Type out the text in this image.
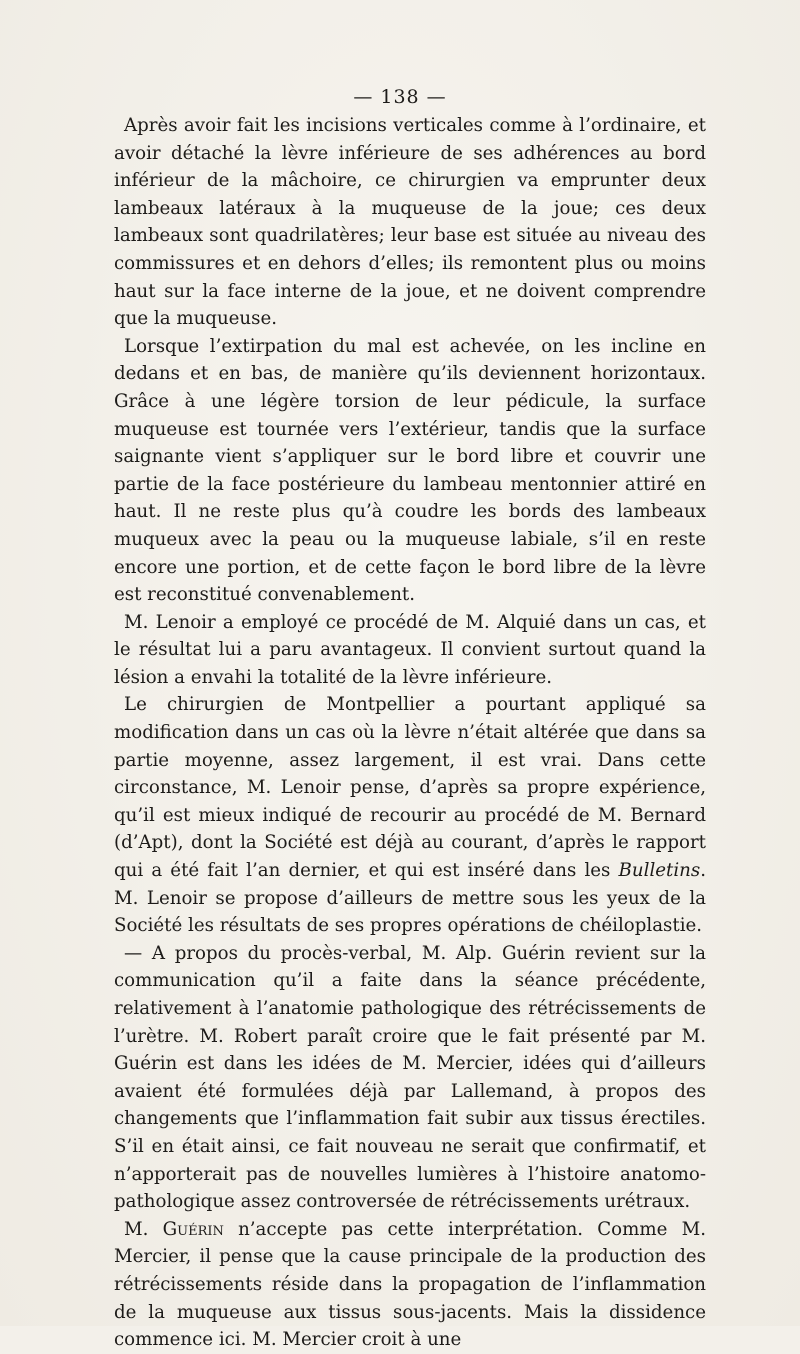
— 138 —

Après avoir fait les incisions verticales comme à l’ordinaire, et avoir détaché la lèvre inférieure de ses adhérences au bord inférieur de la mâchoire, ce chirurgien va emprunter deux lambeaux latéraux à la muqueuse de la joue; ces deux lambeaux sont quadrilatères; leur base est située au niveau des commissures et en dehors d’elles; ils remontent plus ou moins haut sur la face interne de la joue, et ne doivent comprendre que la muqueuse.

Lorsque l’extirpation du mal est achevée, on les incline en dedans et en bas, de manière qu’ils deviennent horizontaux. Grâce à une légère torsion de leur pédicule, la surface muqueuse est tournée vers l’extérieur, tandis que la surface saignante vient s’appliquer sur le bord libre et couvrir une partie de la face postérieure du lambeau mentonnier attiré en haut. Il ne reste plus qu’à coudre les bords des lambeaux muqueux avec la peau ou la muqueuse labiale, s’il en reste encore une portion, et de cette façon le bord libre de la lèvre est reconstitué convenablement.

M. Lenoir a employé ce procédé de M. Alquié dans un cas, et le résultat lui a paru avantageux. Il convient surtout quand la lésion a envahi la totalité de la lèvre inférieure.

Le chirurgien de Montpellier a pourtant appliqué sa modification dans un cas où la lèvre n’était altérée que dans sa partie moyenne, assez largement, il est vrai. Dans cette circonstance, M. Lenoir pense, d’après sa propre expérience, qu’il est mieux indiqué de recourir au procédé de M. Bernard (d’Apt), dont la Société est déjà au courant, d’après le rapport qui a été fait l’an dernier, et qui est inséré dans les Bulletins. M. Lenoir se propose d’ailleurs de mettre sous les yeux de la Société les résultats de ses propres opérations de chéiloplastie.

— A propos du procès-verbal, M. Alp. Guérin revient sur la communication qu’il a faite dans la séance précédente, relativement à l’anatomie pathologique des rétrécissements de l’urètre. M. Robert paraît croire que le fait présenté par M. Guérin est dans les idées de M. Mercier, idées qui d’ailleurs avaient été formulées déjà par Lallemand, à propos des changements que l’inflammation fait subir aux tissus érectiles. S’il en était ainsi, ce fait nouveau ne serait que confirmatif, et n’apporterait pas de nouvelles lumières à l’histoire anatomo-pathologique assez controversée de rétrécissements urétraux.

M. Guérin n’accepte pas cette interprétation. Comme M. Mercier, il pense que la cause principale de la production des rétrécissements réside dans la propagation de l’inflammation de la muqueuse aux tissus sous-jacents. Mais la dissidence commence ici. M. Mercier croit à une
